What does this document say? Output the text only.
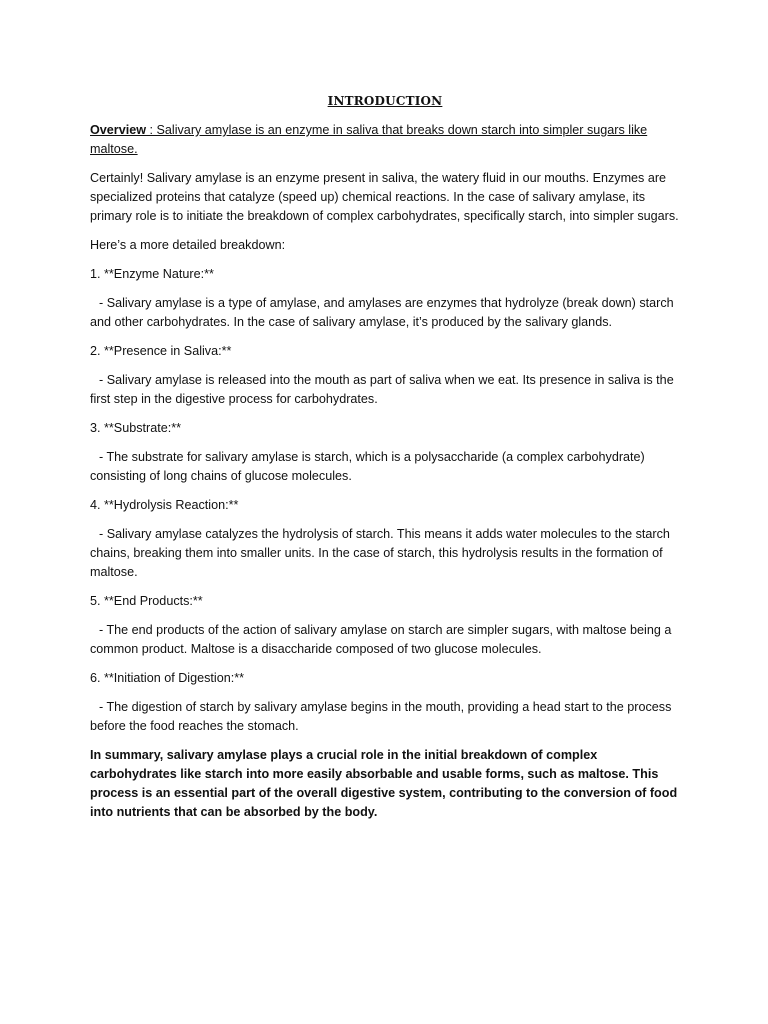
INTRODUCTION
Overview : Salivary amylase is an enzyme in saliva that breaks down starch into simpler sugars like maltose.

Certainly! Salivary amylase is an enzyme present in saliva, the watery fluid in our mouths. Enzymes are specialized proteins that catalyze (speed up) chemical reactions. In the case of salivary amylase, its primary role is to initiate the breakdown of complex carbohydrates, specifically starch, into simpler sugars.

Here’s a more detailed breakdown:

1. **Enzyme Nature:**
- Salivary amylase is a type of amylase, and amylases are enzymes that hydrolyze (break down) starch and other carbohydrates. In the case of salivary amylase, it’s produced by the salivary glands.
2. **Presence in Saliva:**
- Salivary amylase is released into the mouth as part of saliva when we eat. Its presence in saliva is the first step in the digestive process for carbohydrates.
3. **Substrate:**
- The substrate for salivary amylase is starch, which is a polysaccharide (a complex carbohydrate) consisting of long chains of glucose molecules.
4. **Hydrolysis Reaction:**
- Salivary amylase catalyzes the hydrolysis of starch. This means it adds water molecules to the starch chains, breaking them into smaller units. In the case of starch, this hydrolysis results in the formation of maltose.
5. **End Products:**
- The end products of the action of salivary amylase on starch are simpler sugars, with maltose being a common product. Maltose is a disaccharide composed of two glucose molecules.
6. **Initiation of Digestion:**
- The digestion of starch by salivary amylase begins in the mouth, providing a head start to the process before the food reaches the stomach.

In summary, salivary amylase plays a crucial role in the initial breakdown of complex carbohydrates like starch into more easily absorbable and usable forms, such as maltose. This process is an essential part of the overall digestive system, contributing to the conversion of food into nutrients that can be absorbed by the body.
